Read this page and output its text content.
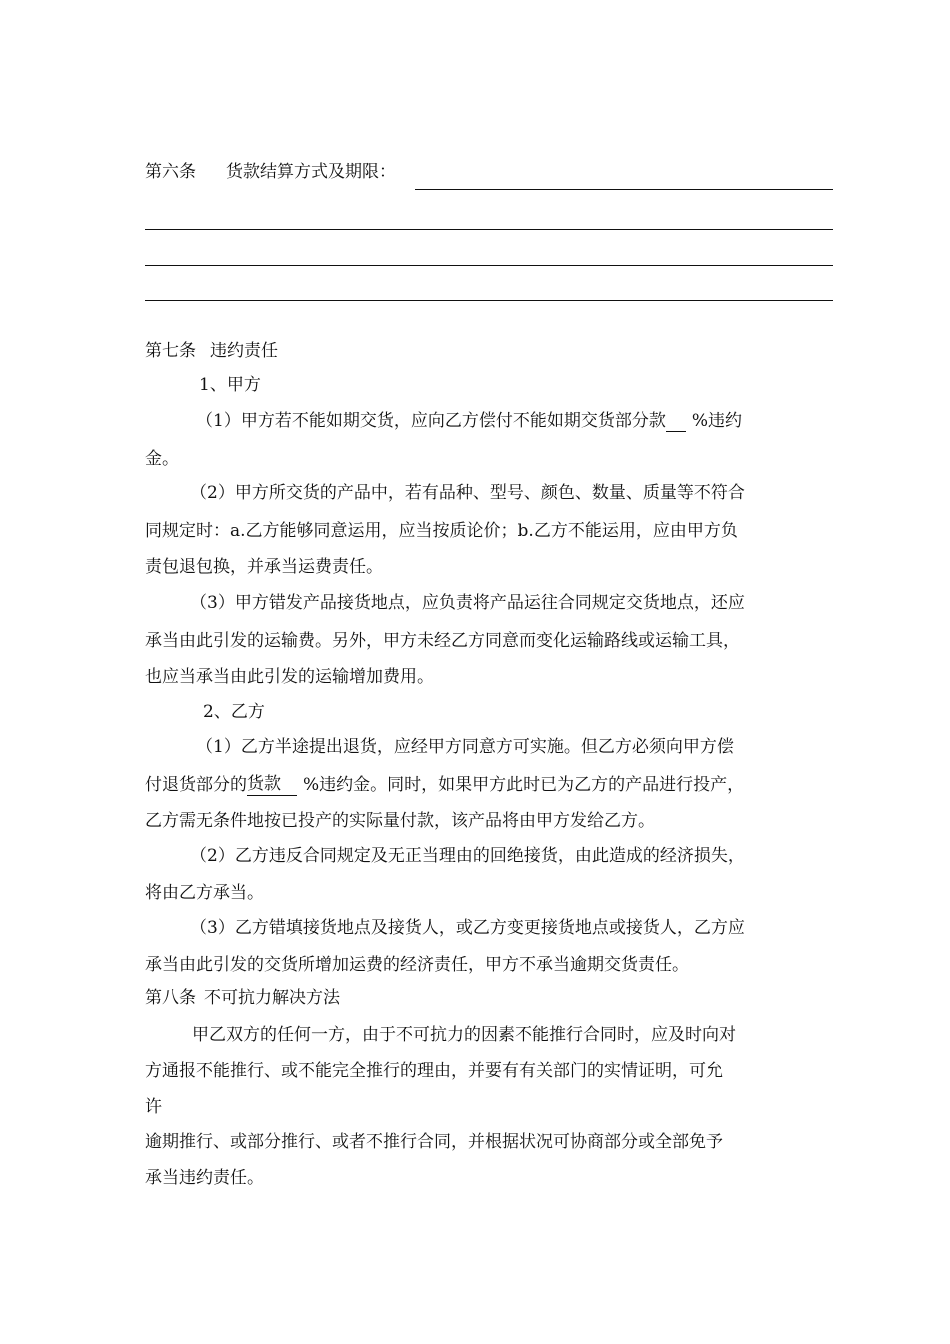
第六条 货款结算方式及期限：
第七条 违约责任
1、甲方
（1）甲方若不能如期交货，应向乙方偿付不能如期交货部分款 %违约
金。
（2）甲方所交货的产品中，若有品种、型号、颜色、数量、质量等不符合
同规定时：a.乙方能够同意运用，应当按质论价；b.乙方不能运用，应由甲方负
责包退包换，并承当运费责任。
（3）甲方错发产品接货地点，应负责将产品运往合同规定交货地点，还应
承当由此引发的运输费。另外，甲方未经乙方同意而变化运输路线或运输工具，
也应当承当由此引发的运输增加费用。
2、乙方
（1）乙方半途提出退货，应经甲方同意方可实施。但乙方必须向甲方偿
付退货部分的货款 %违约金。同时，如果甲方此时已为乙方的产品进行投产，
乙方需无条件地按已投产的实际量付款，该产品将由甲方发给乙方。
（2）乙方违反合同规定及无正当理由的回绝接货，由此造成的经济损失，
将由乙方承当。
（3）乙方错填接货地点及接货人，或乙方变更接货地点或接货人，乙方应
承当由此引发的交货所增加运费的经济责任，甲方不承当逾期交货责任。
第八条 不可抗力解决方法
甲乙双方的任何一方，由于不可抗力的因素不能推行合同时，应及时向对
方通报不能推行、或不能完全推行的理由，并要有有关部门的实情证明，可允
许
逾期推行、或部分推行、或者不推行合同，并根据状况可协商部分或全部免予
承当违约责任。
